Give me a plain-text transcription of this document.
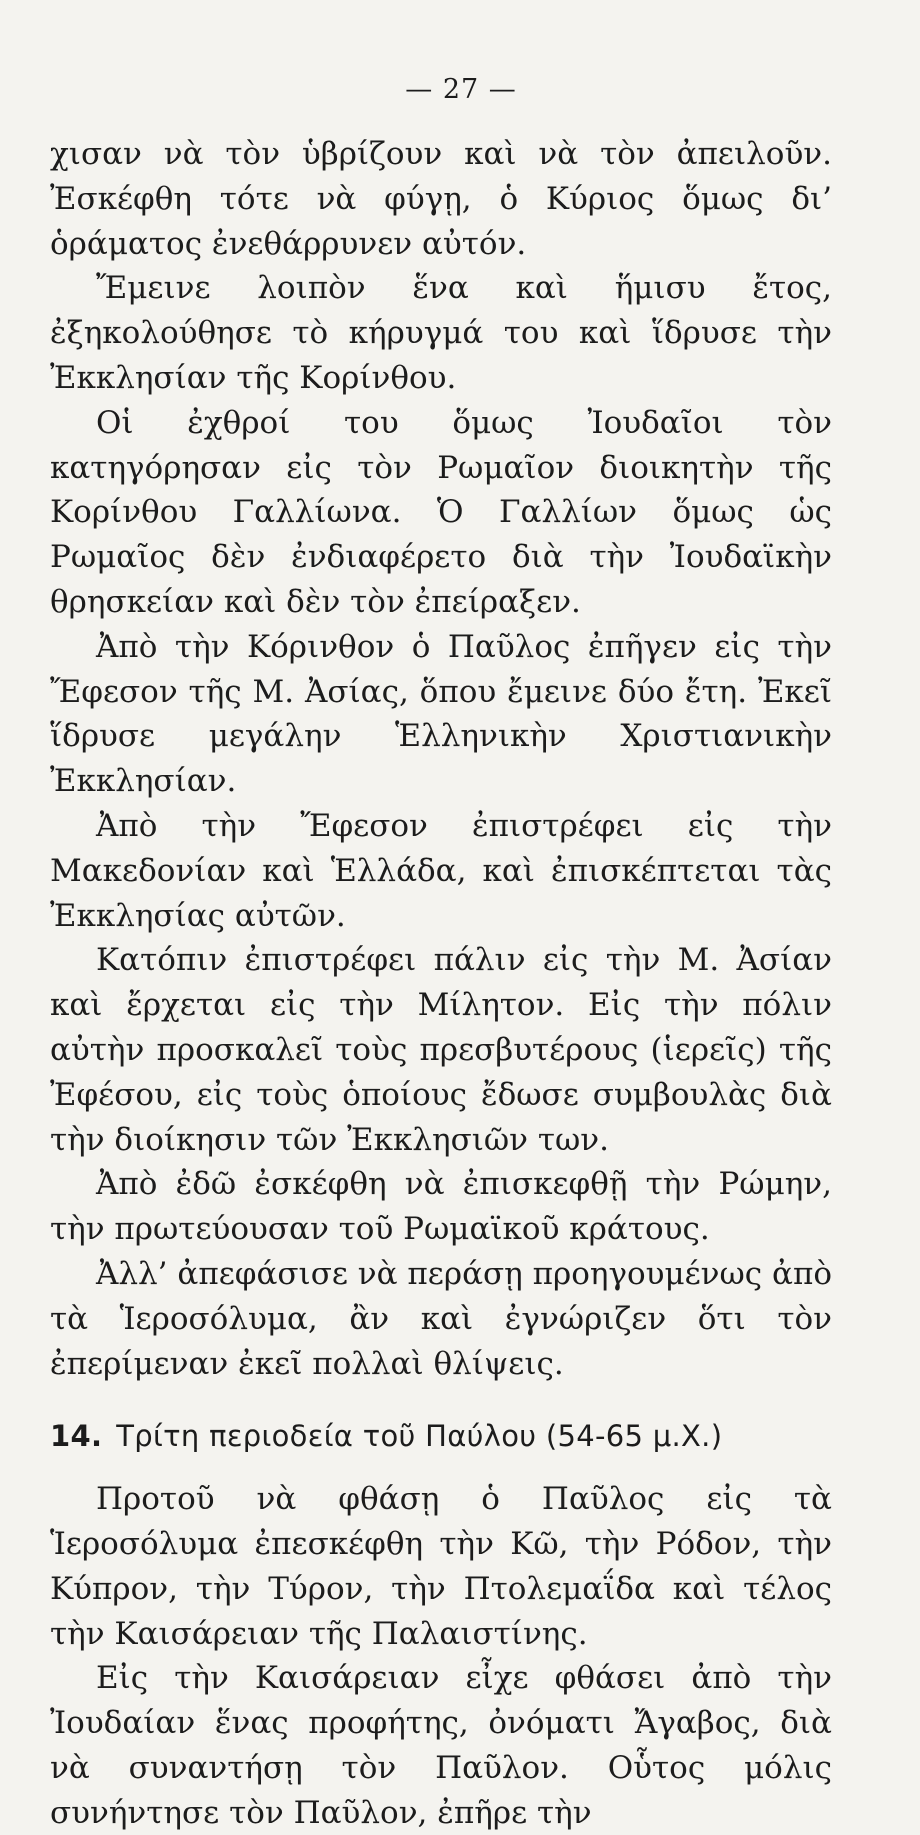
— 27 —

χισαν νὰ τὸν ὑβρίζουν καὶ νὰ τὸν ἀπειλοῦν. Ἐσκέφθη τότε νὰ φύγῃ, ὁ Κύριος ὅμως δι’ ὁράματος ἐνεθάρρυνεν αὐτόν.

Ἔμεινε λοιπὸν ἕνα καὶ ἥμισυ ἔτος, ἐξηκολούθησε τὸ κήρυγμά του καὶ ἵδρυσε τὴν Ἐκκλησίαν τῆς Κορίνθου.

Οἱ ἐχθροί του ὅμως Ἰουδαῖοι τὸν κατηγόρησαν εἰς τὸν Ρωμαῖον διοικητὴν τῆς Κορίνθου Γαλλίωνα. Ὁ Γαλλίων ὅμως ὡς Ρωμαῖος δὲν ἐνδιαφέρετο διὰ τὴν Ἰουδαϊκὴν θρησκείαν καὶ δὲν τὸν ἐπείραξεν.

Ἀπὸ τὴν Κόρινθον ὁ Παῦλος ἐπῆγεν εἰς τὴν Ἔφεσον τῆς Μ. Ἀσίας, ὅπου ἔμεινε δύο ἔτη. Ἐκεῖ ἵδρυσε μεγάλην Ἑλληνικὴν Χριστιανικὴν Ἐκκλησίαν.

Ἀπὸ τὴν Ἔφεσον ἐπιστρέφει εἰς τὴν Μακεδονίαν καὶ Ἑλλάδα, καὶ ἐπισκέπτεται τὰς Ἐκκλησίας αὐτῶν.

Κατόπιν ἐπιστρέφει πάλιν εἰς τὴν Μ. Ἀσίαν καὶ ἔρχεται εἰς τὴν Μίλητον. Εἰς τὴν πόλιν αὐτὴν προσκαλεῖ τοὺς πρεσβυτέρους (ἱερεῖς) τῆς Ἐφέσου, εἰς τοὺς ὁποίους ἔδωσε συμβουλὰς διὰ τὴν διοίκησιν τῶν Ἐκκλησιῶν των.

Ἀπὸ ἐδῶ ἐσκέφθη νὰ ἐπισκεφθῇ τὴν Ρώμην, τὴν πρωτεύουσαν τοῦ Ρωμαϊκοῦ κράτους.

Ἀλλ’ ἀπεφάσισε νὰ περάσῃ προηγουμένως ἀπὸ τὰ Ἱεροσόλυμα, ἂν καὶ ἐγνώριζεν ὅτι τὸν ἐπερίμεναν ἐκεῖ πολλαὶ θλίψεις.

14. Τρίτη περιοδεία τοῦ Παύλου (54-65 μ.Χ.)

Προτοῦ νὰ φθάσῃ ὁ Παῦλος εἰς τὰ Ἱεροσόλυμα ἐπεσκέφθη τὴν Κῶ, τὴν Ρόδον, τὴν Κύπρον, τὴν Τύρον, τὴν Πτολεμαΐδα καὶ τέλος τὴν Καισάρειαν τῆς Παλαιστίνης.

Εἰς τὴν Καισάρειαν εἶχε φθάσει ἀπὸ τὴν Ἰουδαίαν ἕνας προφήτης, ὀνόματι Ἄγαβος, διὰ νὰ συναντήσῃ τὸν Παῦλον. Οὗτος μόλις συνήντησε τὸν Παῦλον, ἐπῆρε τὴν
